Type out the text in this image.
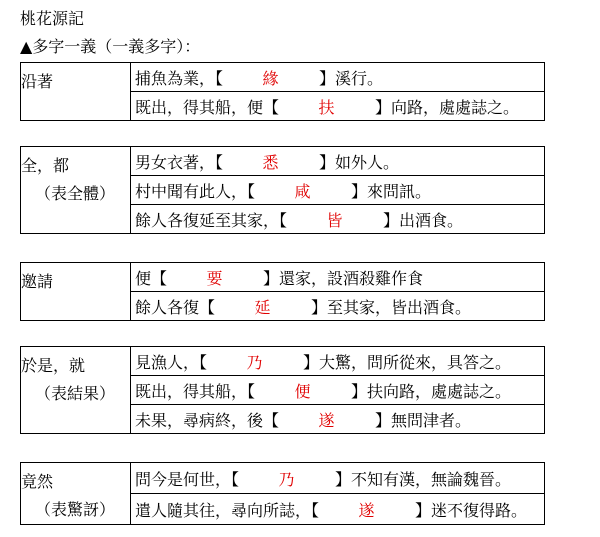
桃花源記
▲多字一義（一義多字）：
沿著	捕魚為業，【 緣 】溪行。
既出，得其船，便【 扶 】向路，處處誌之。
全，都
（表全體）
	男女衣著，【 悉 】如外人。
村中聞有此人，【 咸 】來問訊。
餘人各復延至其家，【 皆 】出酒食。
邀請	便【 要 】還家，設酒殺雞作食
餘人各復【 延 】至其家，皆出酒食。
於是，就
（表結果）
	見漁人，【 乃 】大驚，問所從來，具答之。
既出，得其船，【 便 】扶向路，處處誌之。
未果，尋病終，後【 遂 】無問津者。
竟然
（表驚訝）
	問今是何世，【 乃 】不知有漢，無論魏晉。
遣人隨其往，尋向所誌，【 遂 】迷不復得路。
